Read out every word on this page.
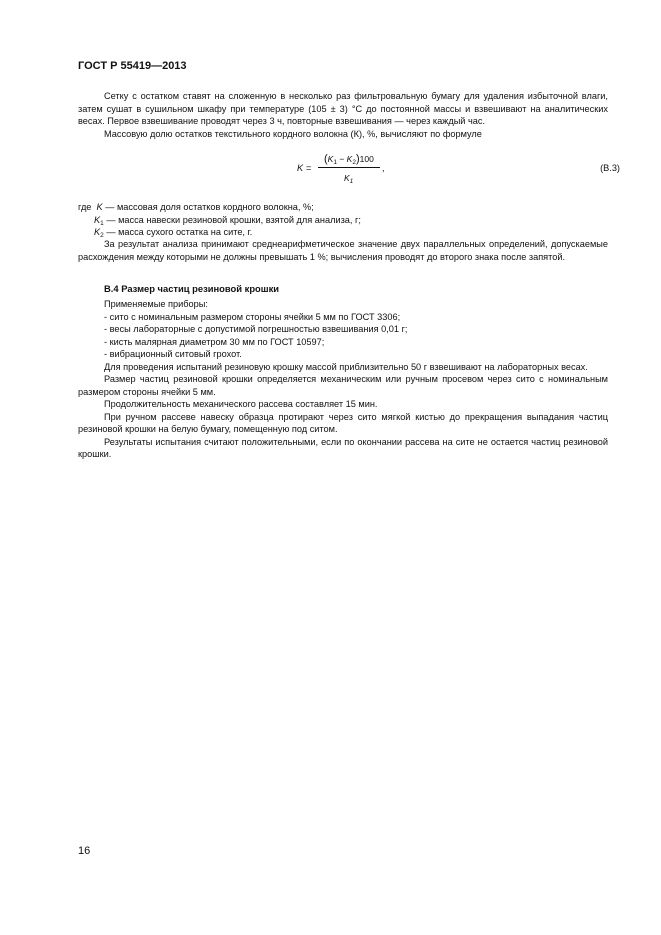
ГОСТ Р 55419—2013

Сетку с остатком ставят на сложенную в несколько раз фильтровальную бумагу для удаления избыточной влаги, затем сушат в сушильном шкафу при температуре (105 ± 3) °С до постоянной массы и взвешивают на аналитических весах. Первое взвешивание проводят через 3 ч, повторные взвешивания — через каждый час.

Массовую долю остатков текстильного кордного волокна (К), %, вычисляют по формуле

K =
$(K_1 - K_2)100$
$K_1$
,	(В.3)
где K — массовая доля остатков кордного волокна, %;
$K_1$ — масса навески резиновой крошки, взятой для анализа, г;
$K_2$ — масса сухого остатка на сите, г.

За результат анализа принимают среднеарифметическое значение двух параллельных определений, допускаемые расхождения между которыми не должны превышать 1 %; вычисления проводят до второго знака после запятой.

В.4 Размер частиц резиновой крошки

Применяемые приборы:

- сито с номинальным размером стороны ячейки 5 мм по ГОСТ 3306;

- весы лабораторные с допустимой погрешностью взвешивания 0,01 г;

- кисть малярная диаметром 30 мм по ГОСТ 10597;

- вибрационный ситовый грохот.

Для проведения испытаний резиновую крошку массой приблизительно 50 г взвешивают на лабораторных весах.

Размер частиц резиновой крошки определяется механическим или ручным просевом через сито с номинальным размером стороны ячейки 5 мм.

Продолжительность механического рассева составляет 15 мин.

При ручном рассеве навеску образца протирают через сито мягкой кистью до прекращения выпадания частиц резиновой крошки на белую бумагу, помещенную под ситом.

Результаты испытания считают положительными, если по окончании рассева на сите не остается частиц резиновой крошки.

16
